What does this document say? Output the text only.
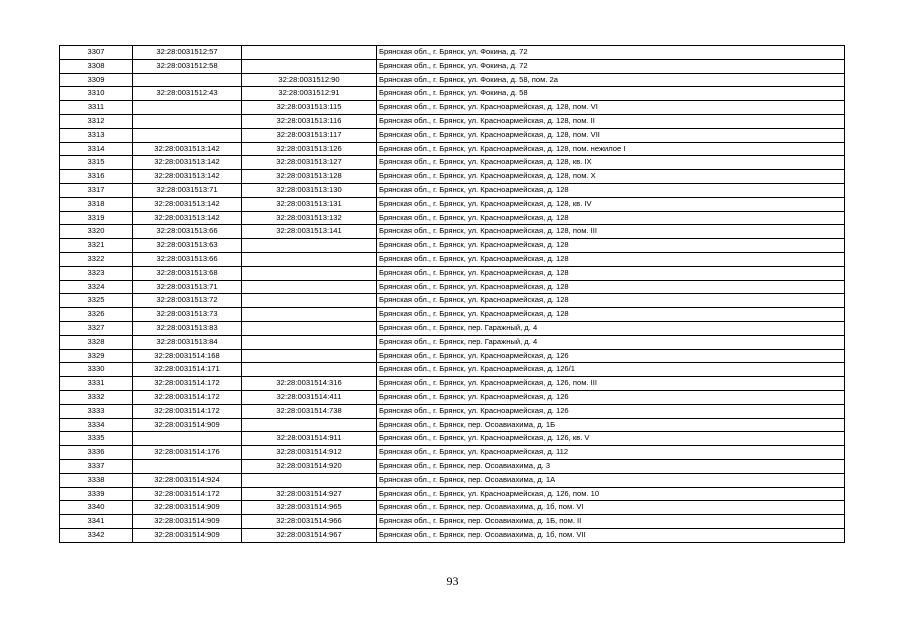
3307	32:28:0031512:57		Брянская обл., г. Брянск, ул. Фокина, д. 72
3308	32:28:0031512:58		Брянская обл., г. Брянск, ул. Фокина, д. 72
3309		32:28:0031512:90	Брянская обл., г. Брянск, ул. Фокина, д. 58, пом. 2а
3310	32:28:0031512:43	32:28:0031512:91	Брянская обл., г. Брянск, ул. Фокина, д. 58
3311		32:28:0031513:115	Брянская обл., г. Брянск, ул. Красноармейская, д. 128, пом. VI
3312		32:28:0031513:116	Брянская обл., г. Брянск, ул. Красноармейская, д. 128, пом. II
3313		32:28:0031513:117	Брянская обл., г. Брянск, ул. Красноармейская, д. 128, пом. VII
3314	32:28:0031513:142	32:28:0031513:126	Брянская обл., г. Брянск, ул. Красноармейская, д. 128, пом. нежилое I
3315	32:28:0031513:142	32:28:0031513:127	Брянская обл., г. Брянск, ул. Красноармейская, д. 128, кв. IX
3316	32:28:0031513:142	32:28:0031513:128	Брянская обл., г. Брянск, ул. Красноармейская, д. 128, пом. X
3317	32:28:0031513:71	32:28:0031513:130	Брянская обл., г. Брянск, ул. Красноармейская, д. 128
3318	32:28:0031513:142	32:28:0031513:131	Брянская обл., г. Брянск, ул. Красноармейская, д. 128, кв. IV
3319	32:28:0031513:142	32:28:0031513:132	Брянская обл., г. Брянск, ул. Красноармейская, д. 128
3320	32:28:0031513:66	32:28:0031513:141	Брянская обл., г. Брянск, ул. Красноармейская, д. 128, пом. III
3321	32:28:0031513:63		Брянская обл., г. Брянск, ул. Красноармейская, д. 128
3322	32:28:0031513:66		Брянская обл., г. Брянск, ул. Красноармейская, д. 128
3323	32:28:0031513:68		Брянская обл., г. Брянск, ул. Красноармейская, д. 128
3324	32:28:0031513:71		Брянская обл., г. Брянск, ул. Красноармейская, д. 128
3325	32:28:0031513:72		Брянская обл., г. Брянск, ул. Красноармейская, д. 128
3326	32:28:0031513:73		Брянская обл., г. Брянск, ул. Красноармейская, д. 128
3327	32:28:0031513:83		Брянская обл., г. Брянск, пер. Гаражный, д. 4
3328	32:28:0031513:84		Брянская обл., г. Брянск, пер. Гаражный, д. 4
3329	32:28:0031514:168		Брянская обл., г. Брянск, ул. Красноармейская, д. 126
3330	32:28:0031514:171		Брянская обл., г. Брянск, ул. Красноармейская, д. 126/1
3331	32:28:0031514:172	32:28:0031514:316	Брянская обл., г. Брянск, ул. Красноармейская, д. 126, пом. III
3332	32:28:0031514:172	32:28:0031514:411	Брянская обл., г. Брянск, ул. Красноармейская, д. 126
3333	32:28:0031514:172	32:28:0031514:738	Брянская обл., г. Брянск, ул. Красноармейская, д. 126
3334	32:28:0031514:909		Брянская обл., г. Брянск, пер. Осоавиахима, д. 1Б
3335		32:28:0031514:911	Брянская обл., г. Брянск, ул. Красноармейская, д. 126, кв. V
3336	32:28:0031514:176	32:28:0031514:912	Брянская обл., г. Брянск, ул. Красноармейская, д. 112
3337		32:28:0031514:920	Брянская обл., г. Брянск, пер. Осоавиахима, д. 3
3338	32:28:0031514:924		Брянская обл., г. Брянск, пер. Осоавиахима, д. 1А
3339	32:28:0031514:172	32:28:0031514:927	Брянская обл., г. Брянск, ул. Красноармейская, д. 126, пом. 10
3340	32:28:0031514:909	32:28:0031514:965	Брянская обл., г. Брянск, пер. Осоавиахима, д. 1б, пом. VI
3341	32:28:0031514:909	32:28:0031514:966	Брянская обл., г. Брянск, пер. Осоавиахима, д. 1Б, пом. II
3342	32:28:0031514:909	32:28:0031514:967	Брянская обл., г. Брянск, пер. Осоавиахима, д. 1б, пом. VII
93
